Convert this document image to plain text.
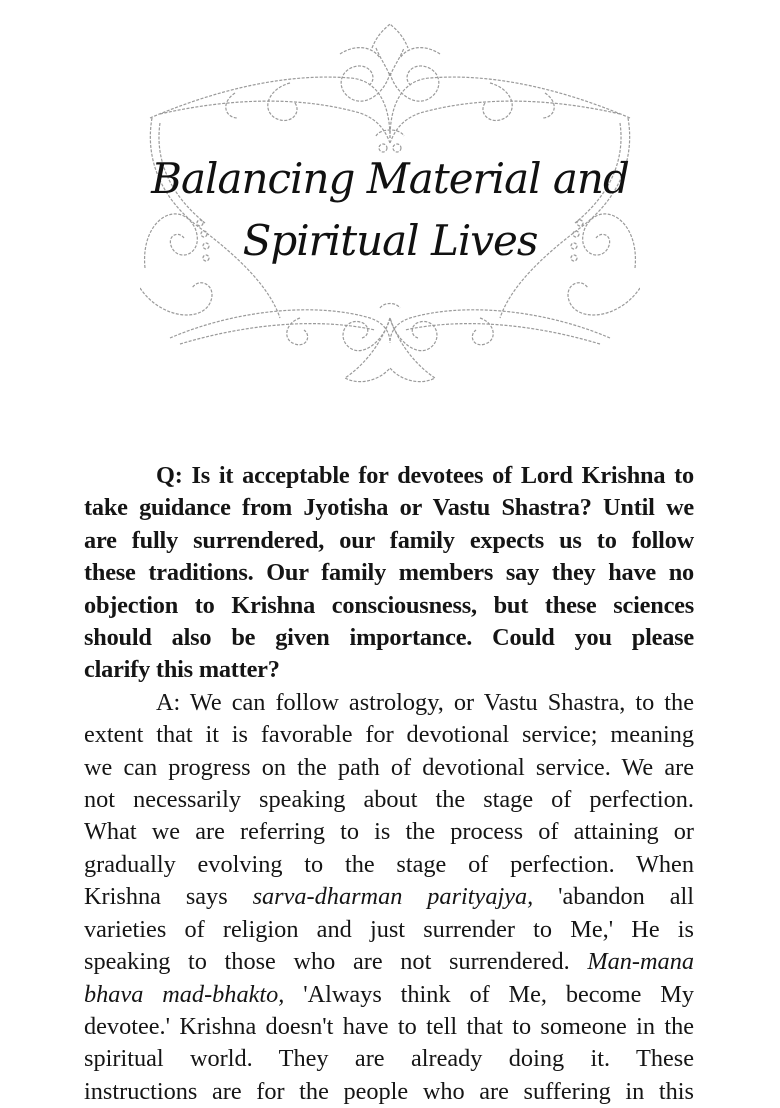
Balancing Material and
Spiritual Lives

Q: Is it acceptable for devotees of Lord Krishna to
take guidance from Jyotisha or Vastu Shastra? Until we
are fully surrendered, our family expects us to follow
these traditions. Our family members say they have no
objection to Krishna consciousness, but these sciences
should also be given importance. Could you please
clarify this matter?

A: We can follow astrology, or Vastu Shastra, to the
extent that it is favorable for devotional service; meaning
we can progress on the path of devotional service. We are
not necessarily speaking about the stage of perfection.
What we are referring to is the process of attaining or
gradually evolving to the stage of perfection. When
Krishna says sarva-dharman parityajya, 'abandon all
varieties of religion and just surrender to Me,' He is
speaking to those who are not surrendered. Man-mana
bhava mad-bhakto, 'Always think of Me, become My
devotee.' Krishna doesn't have to tell that to someone in the
spiritual world. They are already doing it. These
instructions are for the people who are suffering in this
